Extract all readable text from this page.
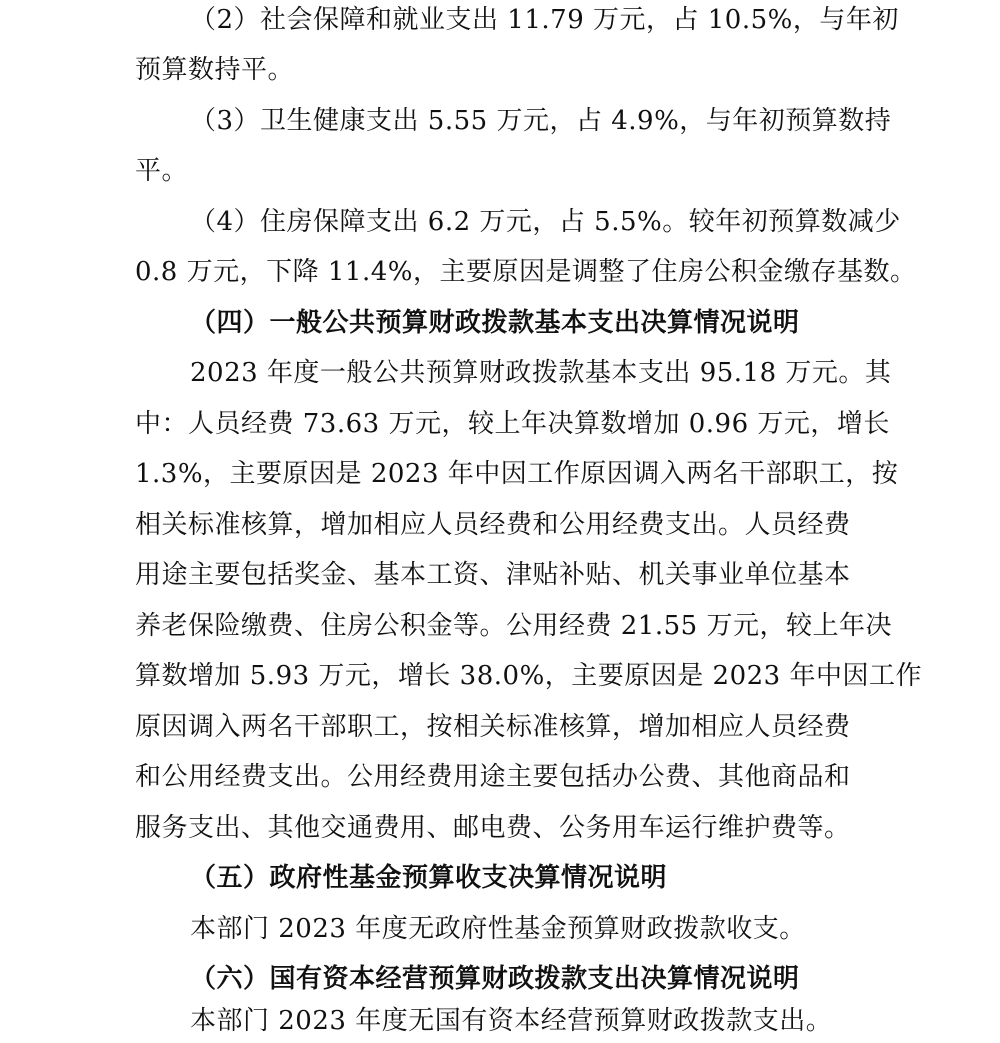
（2）社会保障和就业支出 11.79 万元，占 10.5%，与年初
预算数持平。
（3）卫生健康支出 5.55 万元，占 4.9%，与年初预算数持
平。
（4）住房保障支出 6.2 万元，占 5.5%。较年初预算数减少
0.8 万元，下降 11.4%，主要原因是调整了住房公积金缴存基数。
（四）一般公共预算财政拨款基本支出决算情况说明
2023 年度一般公共预算财政拨款基本支出 95.18 万元。其
中：人员经费 73.63 万元，较上年决算数增加 0.96 万元，增长
1.3%，主要原因是 2023 年中因工作原因调入两名干部职工，按
相关标准核算，增加相应人员经费和公用经费支出。人员经费
用途主要包括奖金、基本工资、津贴补贴、机关事业单位基本
养老保险缴费、住房公积金等。公用经费 21.55 万元，较上年决
算数增加 5.93 万元，增长 38.0%，主要原因是 2023 年中因工作
原因调入两名干部职工，按相关标准核算，增加相应人员经费
和公用经费支出。公用经费用途主要包括办公费、其他商品和
服务支出、其他交通费用、邮电费、公务用车运行维护费等。
（五）政府性基金预算收支决算情况说明
本部门 2023 年度无政府性基金预算财政拨款收支。
（六）国有资本经营预算财政拨款支出决算情况说明
本部门 2023 年度无国有资本经营预算财政拨款支出。
